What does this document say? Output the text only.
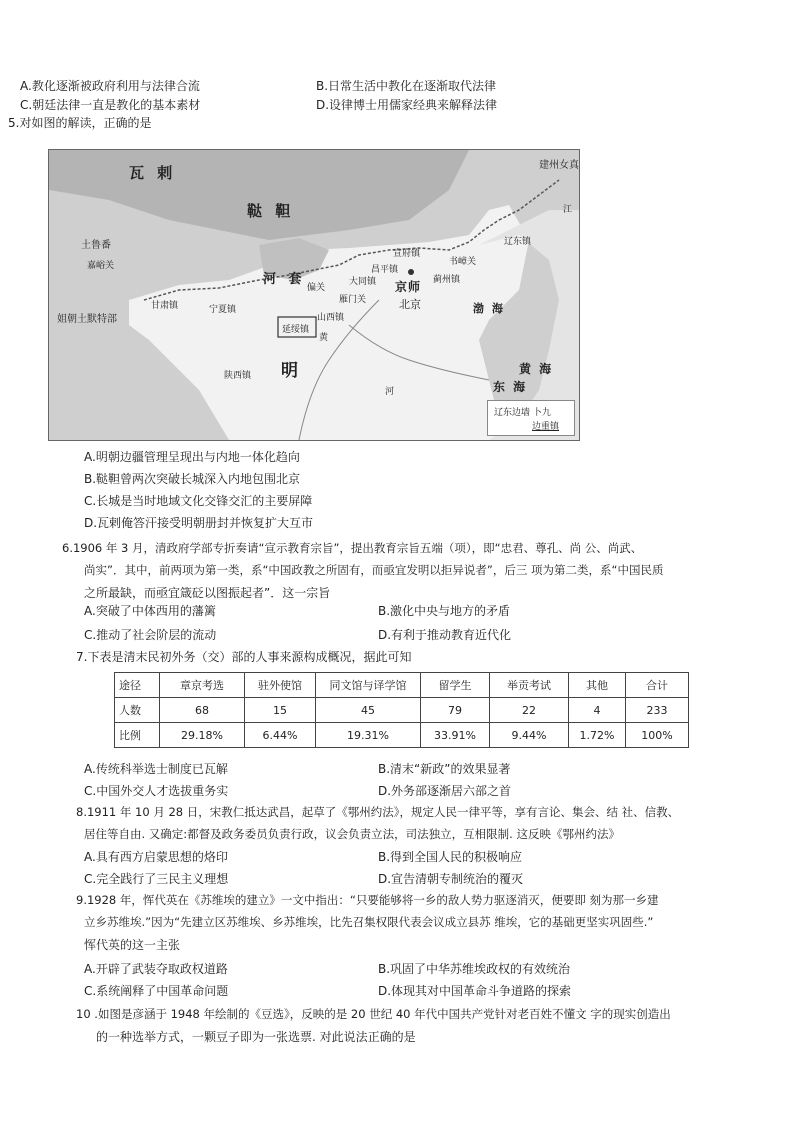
A.教化逐渐被政府利用与法律合流	B.日常生活中教化在逐渐取代法律
C.朝廷法律一直是教化的基本素材	D.设律博士用儒家经典来解释法律
5.对如图的解读，正确的是
瓦 剌
鞑 靼
土鲁番
嘉峪关
姐朝土默特部
甘肃镇
河 套
宁夏镇
延绥镇
山西镇
陕西镇 明
偏关
雁门关
大同镇
宣府镇
昌平镇
京师
北京
蓟州镇
书嶂关
辽东镇
建州女真
渤 海
黄 海
东 海
黄
河
江
辽东边墙 卜九
边重镇
A.明朝边疆管理呈现出与内地一体化趋向
B.鞑靼曾两次突破长城深入内地包围北京
C.长城是当时地域文化交锋交汇的主要屏障
D.瓦剌俺答汗接受明朝册封并恢复扩大互市
6.1906 年 3 月，清政府学部专折奏请“宣示教育宗旨”，提出教育宗旨五端（项），即“忠君、尊孔、尚 公、尚武、
尚实”．其中，前两项为第一类，系“中国政教之所固有，而亟宜发明以拒异说者”，后三 项为第二类，系“中国民质
之所最缺，而亟宜箴砭以图振起者”．这一宗旨
A.突破了中体西用的藩篱	B.激化中央与地方的矛盾
C.推动了社会阶层的流动	D.有利于推动教育近代化
7.下表是清末民初外务（交）部的人事来源构成概况，据此可知
途径	章京考选	驻外使馆	同文馆与译学馆	留学生	举贡考试	其他	合计
人数	68	15	45	79	22	4	233
比例	29.18%	6.44%	19.31%	33.91%	9.44%	1.72%	100%
A.传统科举选士制度已瓦解	B.清末“新政”的效果显著
C.中国外交人才选拔重务实	D.外务部逐渐居六部之首
8.1911 年 10 月 28 日，宋教仁抵达武昌，起草了《鄂州约法》，规定人民一律平等，享有言论、集会、结 社、信教、
居住等自由. 又确定:都督及政务委员负责行政，议会负责立法，司法独立，互相限制. 这反映《鄂州约法》
A.具有西方启蒙思想的烙印	B.得到全国人民的积极响应
C.完全践行了三民主义理想	D.宣告清朝专制统治的覆灭
9.1928 年，恽代英在《苏维埃的建立》一文中指出：“只要能够将一乡的敌人势力驱逐消灭，便要即 刻为那一乡建
立乡苏维埃.”因为“先建立区苏维埃、乡苏维埃，比先召集权限代表会议成立县苏 维埃，它的基础更坚实巩固些.”
恽代英的这一主张
A.开辟了武装夺取政权道路	B.巩固了中华苏维埃政权的有效统治
C.系统阐释了中国革命问题	D.体现其对中国革命斗争道路的探索
10 .如图是彦涵于 1948 年绘制的《豆选》，反映的是 20 世纪 40 年代中国共产党针对老百姓不懂文 字的现实创造出
的一种选举方式，一颗豆子即为一张选票. 对此说法正确的是
